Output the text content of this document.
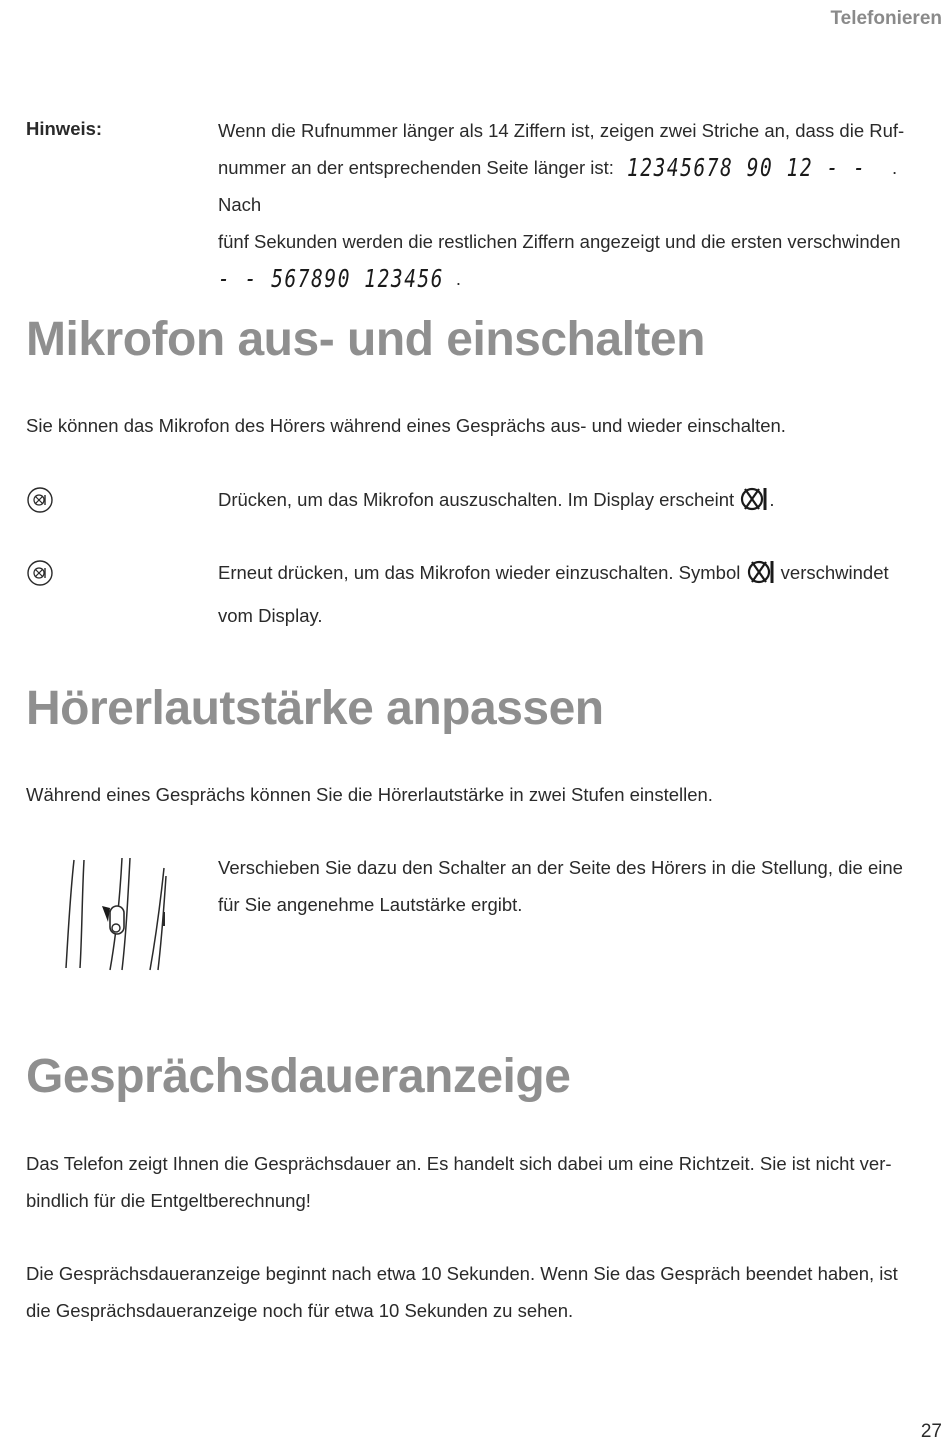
Telefonieren
Hinweis:	Wenn die Rufnummer länger als 14 Ziffern ist, zeigen zwei Striche an, dass die Ruf-
nummer an der entsprechenden Seite länger ist: 12345678 90 12 - - . Nach
fünf Sekunden werden die restlichen Ziffern angezeigt und die ersten verschwinden
- - 567890 123456 .
Mikrofon aus- und einschalten
Sie können das Mikrofon des Hörers während eines Gesprächs aus- und wieder einschalten.
Drücken, um das Mikrofon auszuschalten. Im Display erscheint .
Erneut drücken, um das Mikrofon wieder einzuschalten. Symbol verschwindet
vom Display.
Hörerlautstärke anpassen
Während eines Gesprächs können Sie die Hörerlautstärke in zwei Stufen einstellen.
Verschieben Sie dazu den Schalter an der Seite des Hörers in die Stellung, die eine
für Sie angenehme Lautstärke ergibt.
Gesprächsdaueranzeige
Das Telefon zeigt Ihnen die Gesprächsdauer an. Es handelt sich dabei um eine Richtzeit. Sie ist nicht ver-
bindlich für die Entgeltberechnung!
Die Gesprächsdaueranzeige beginnt nach etwa 10 Sekunden. Wenn Sie das Gespräch beendet haben, ist
die Gesprächsdaueranzeige noch für etwa 10 Sekunden zu sehen.
27
